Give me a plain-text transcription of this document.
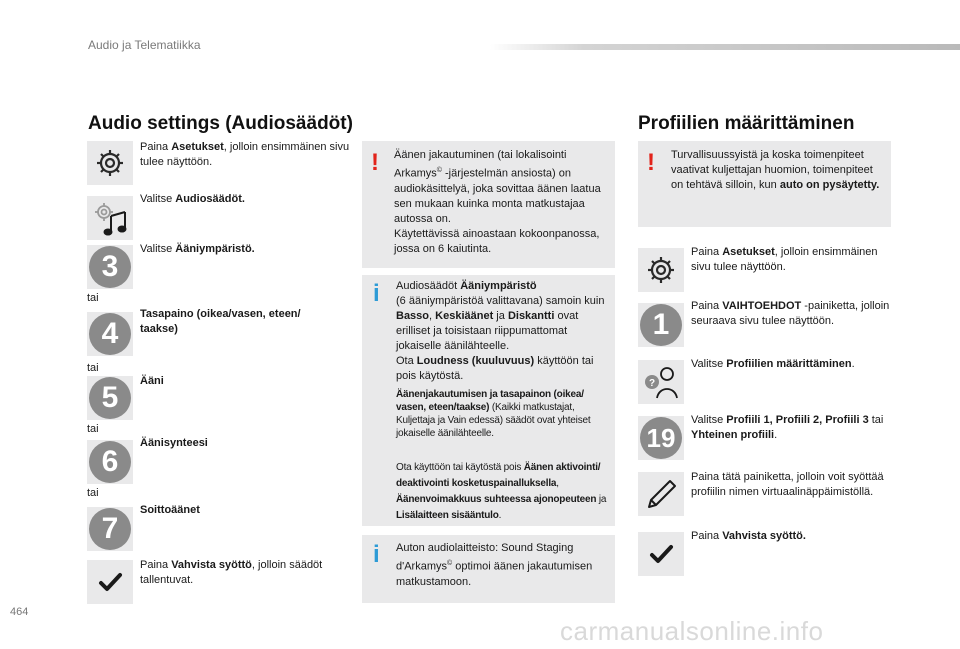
Audio ja Telematiikka
Audio settings (Audiosäädöt)
Paina Asetukset, jolloin ensimmäinen sivu tulee näyttöön.
Valitse Audiosäädöt.
3
Valitse Ääniympäristö.
tai
4
Tasapaino (oikea/vasen, eteen/ taakse)
tai
5	Ääni
tai
6
Äänisynteesi
tai
7
Soittoäänet
Paina Vahvista syöttö, jolloin säädöt tallentuvat.
! Äänen jakautuminen (tai lokalisointi Arkamys© -järjestelmän ansiosta) on audiokäsittelyä, joka sovittaa äänen laatua sen mukaan kuinka monta matkustajaa autossa on.
Käytettävissä ainoastaan kokoonpanossa, jossa on 6 kaiutinta.
i Audiosäädöt Ääniympäristö
(6 ääniympäristöä valittavana) samoin kuin Basso, Keskiäänet ja Diskantti ovat erilliset ja toisistaan riippumattomat jokaiselle äänilähteelle.
Ota Loudness (kuuluvuus) käyttöön tai pois käytöstä.
Äänenjakautumisen ja tasapainon (oikea/ vasen, eteen/taakse) (Kaikki matkustajat, Kuljettaja ja Vain edessä) säädöt ovat yhteiset jokaiselle äänilähteelle.
Ota käyttöön tai käytöstä pois Äänen aktivointi/ deaktivointi kosketuspainalluksella, Äänenvoimakkuus suhteessa ajonopeuteen ja Lisälaitteen sisääntulo.
i Auton audiolaitteisto: Sound Staging d'Arkamys© optimoi äänen jakautumisen matkustamoon.
Profiilien määrittäminen
! Turvallisuussyistä ja koska toimenpiteet vaativat kuljettajan huomion, toimenpiteet on tehtävä silloin, kun auto on pysäytetty.
Paina Asetukset, jolloin ensimmäinen sivu tulee näyttöön.
1
Paina VAIHTOEHDOT -painiketta, jolloin seuraava sivu tulee näyttöön.
?
Valitse Profiilien määrittäminen.
19
Valitse Profiili 1, Profiili 2, Profiili 3 tai Yhteinen profiili.
Paina tätä painiketta, jolloin voit syöttää profiilin nimen virtuaalinäppäimistöllä.
Paina Vahvista syöttö.
464
carmanualsonline.info
